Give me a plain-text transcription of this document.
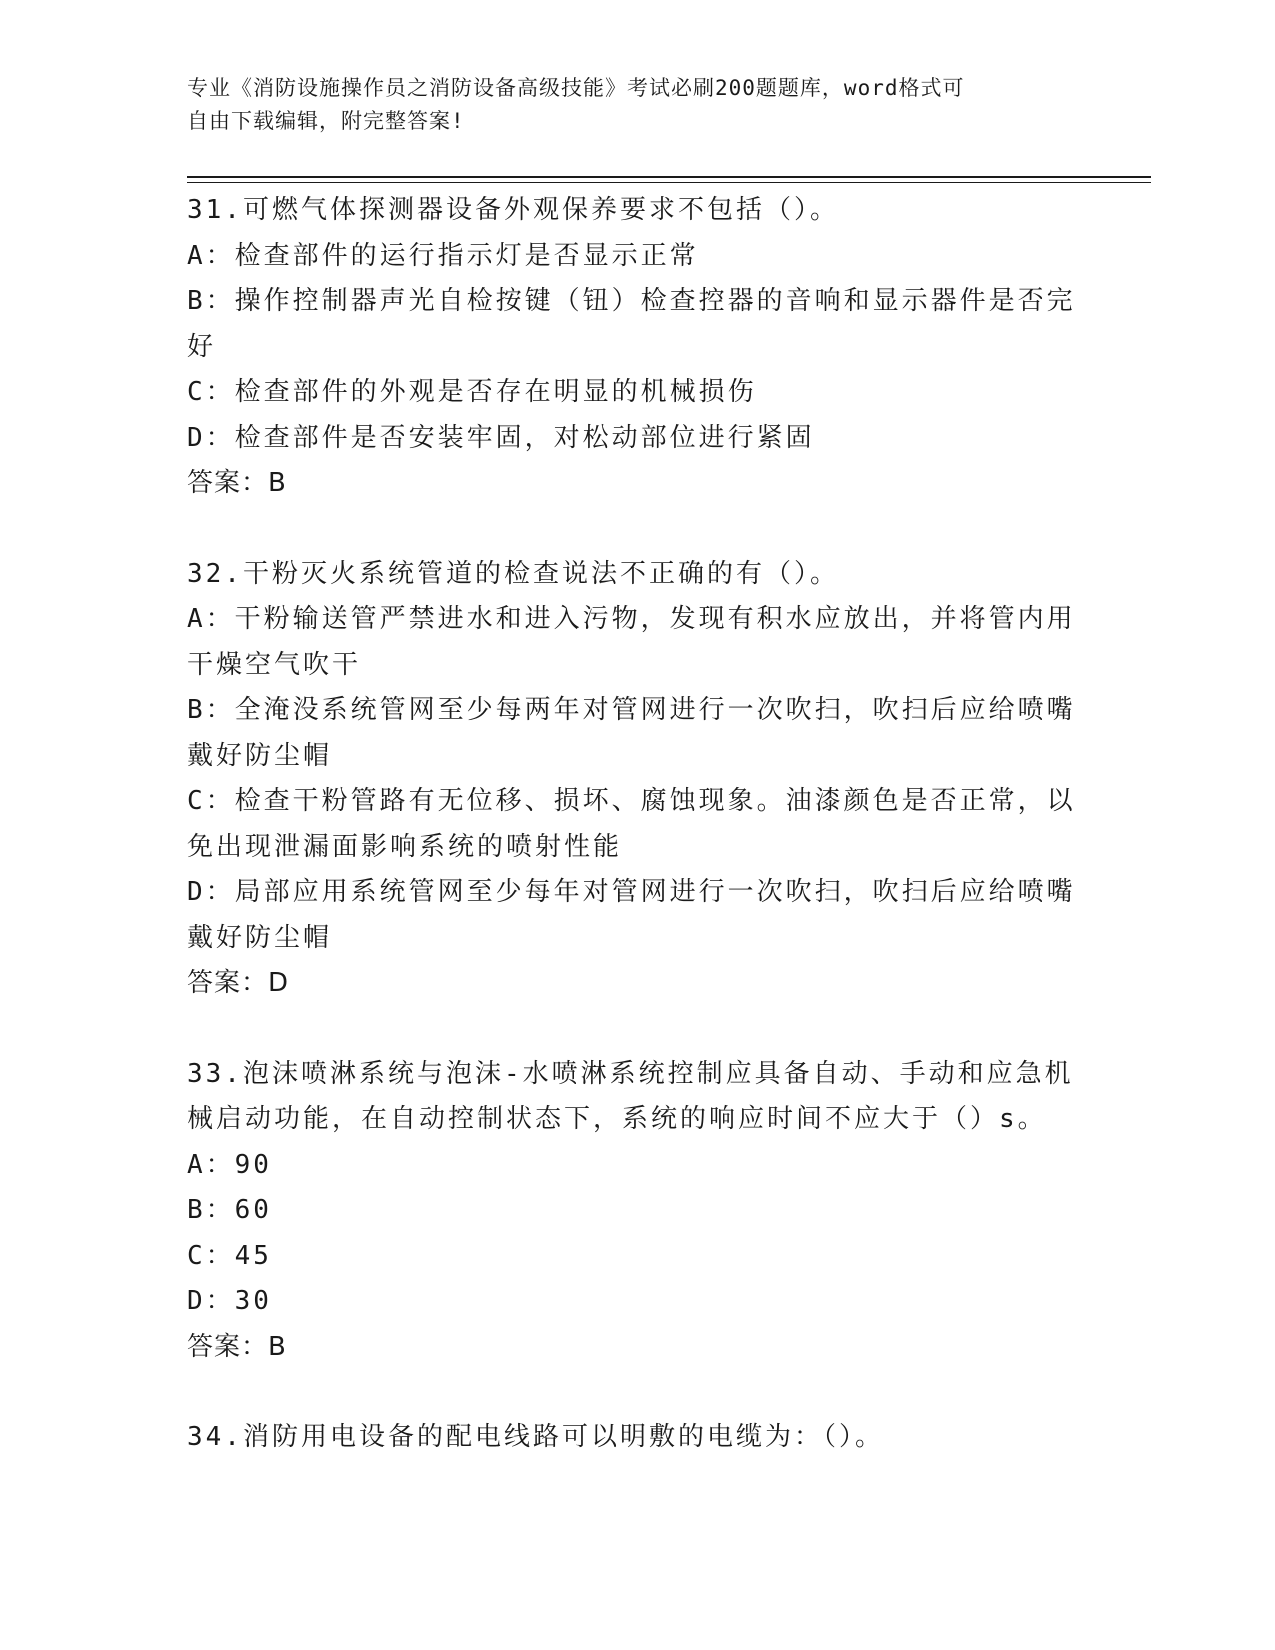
专业《消防设施操作员之消防设备高级技能》考试必刷200题题库，word格式可
自由下载编辑，附完整答案!
31.可燃气体探测器设备外观保养要求不包括（）。
A：检查部件的运行指示灯是否显示正常
B：操作控制器声光自检按键（钮）检查控器的音响和显示器件是否完
好
C：检查部件的外观是否存在明显的机械损伤
D：检查部件是否安装牢固，对松动部位进行紧固
答案：B
32.干粉灭火系统管道的检查说法不正确的有（）。
A：干粉输送管严禁进水和进入污物，发现有积水应放出，并将管内用
干燥空气吹干
B：全淹没系统管网至少每两年对管网进行一次吹扫，吹扫后应给喷嘴
戴好防尘帽
C：检查干粉管路有无位移、损坏、腐蚀现象。油漆颜色是否正常，以
免出现泄漏面影响系统的喷射性能
D：局部应用系统管网至少每年对管网进行一次吹扫，吹扫后应给喷嘴
戴好防尘帽
答案：D
33.泡沫喷淋系统与泡沫-水喷淋系统控制应具备自动、手动和应急机
械启动功能，在自动控制状态下，系统的响应时间不应大于（）s。
A：90
B：60
C：45
D：30
答案：B
34.消防用电设备的配电线路可以明敷的电缆为：（）。
